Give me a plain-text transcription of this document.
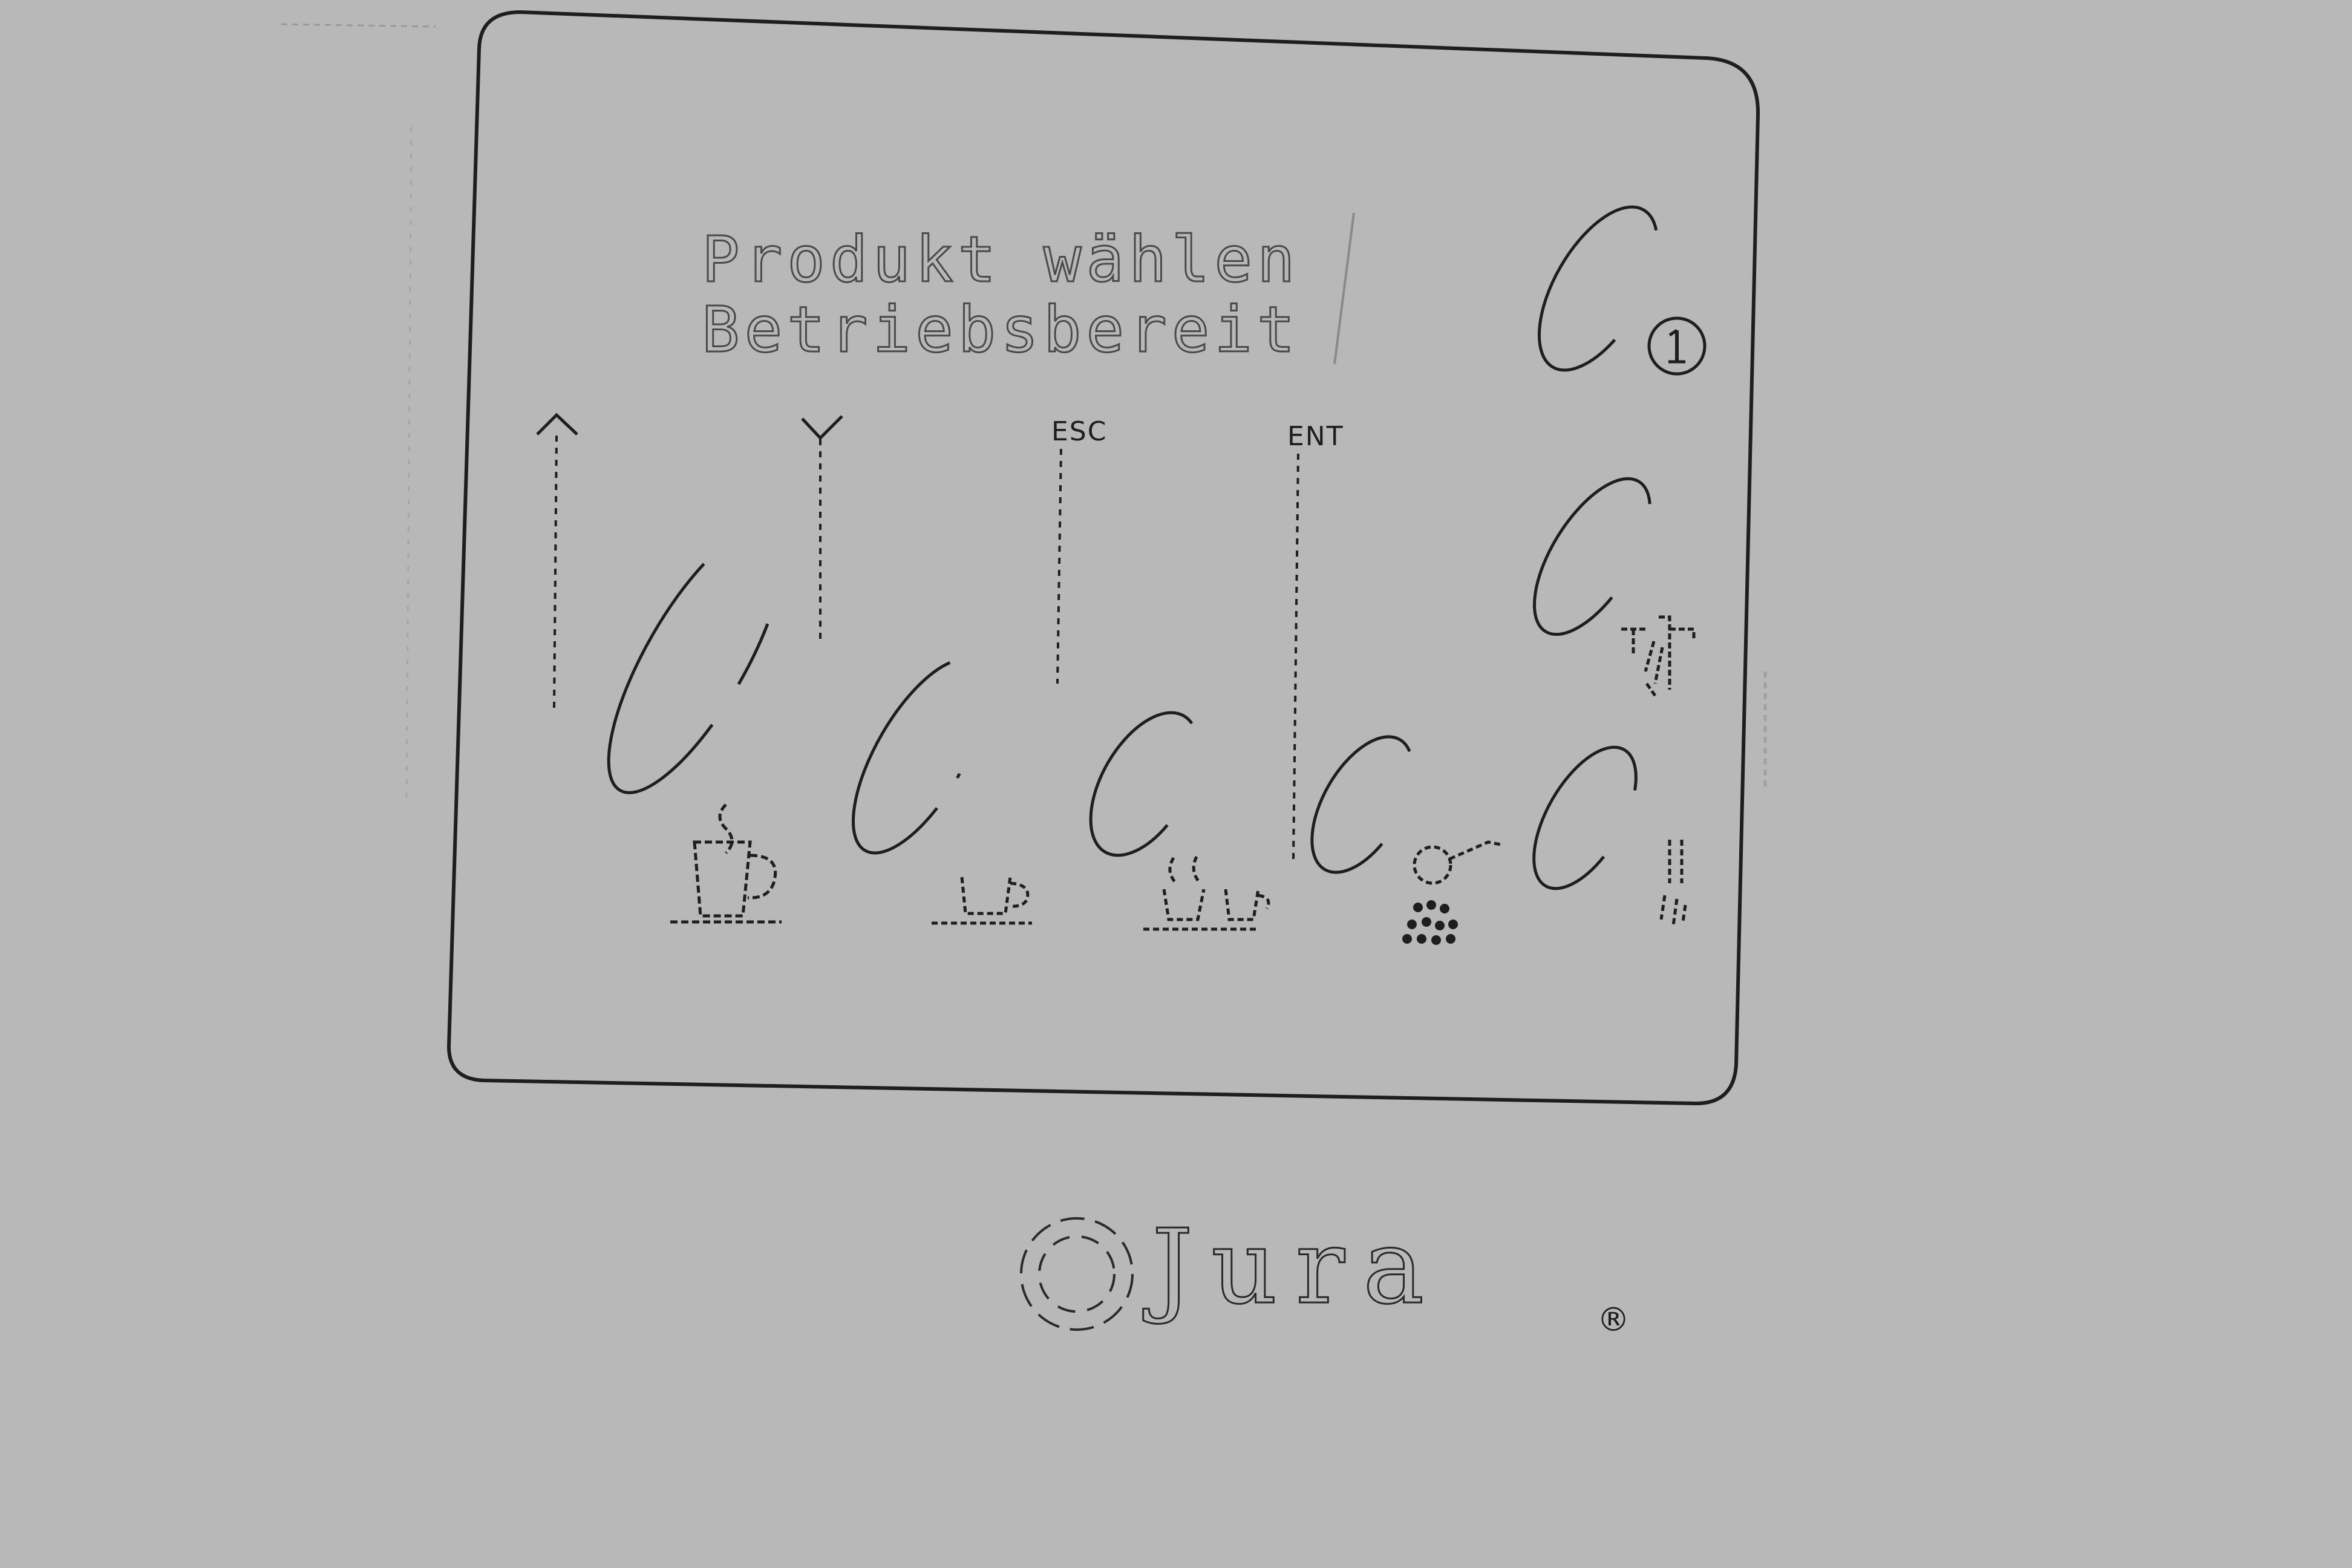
Produkt wählen
Betriebsbereit
ESC	ENT
Jura	®
